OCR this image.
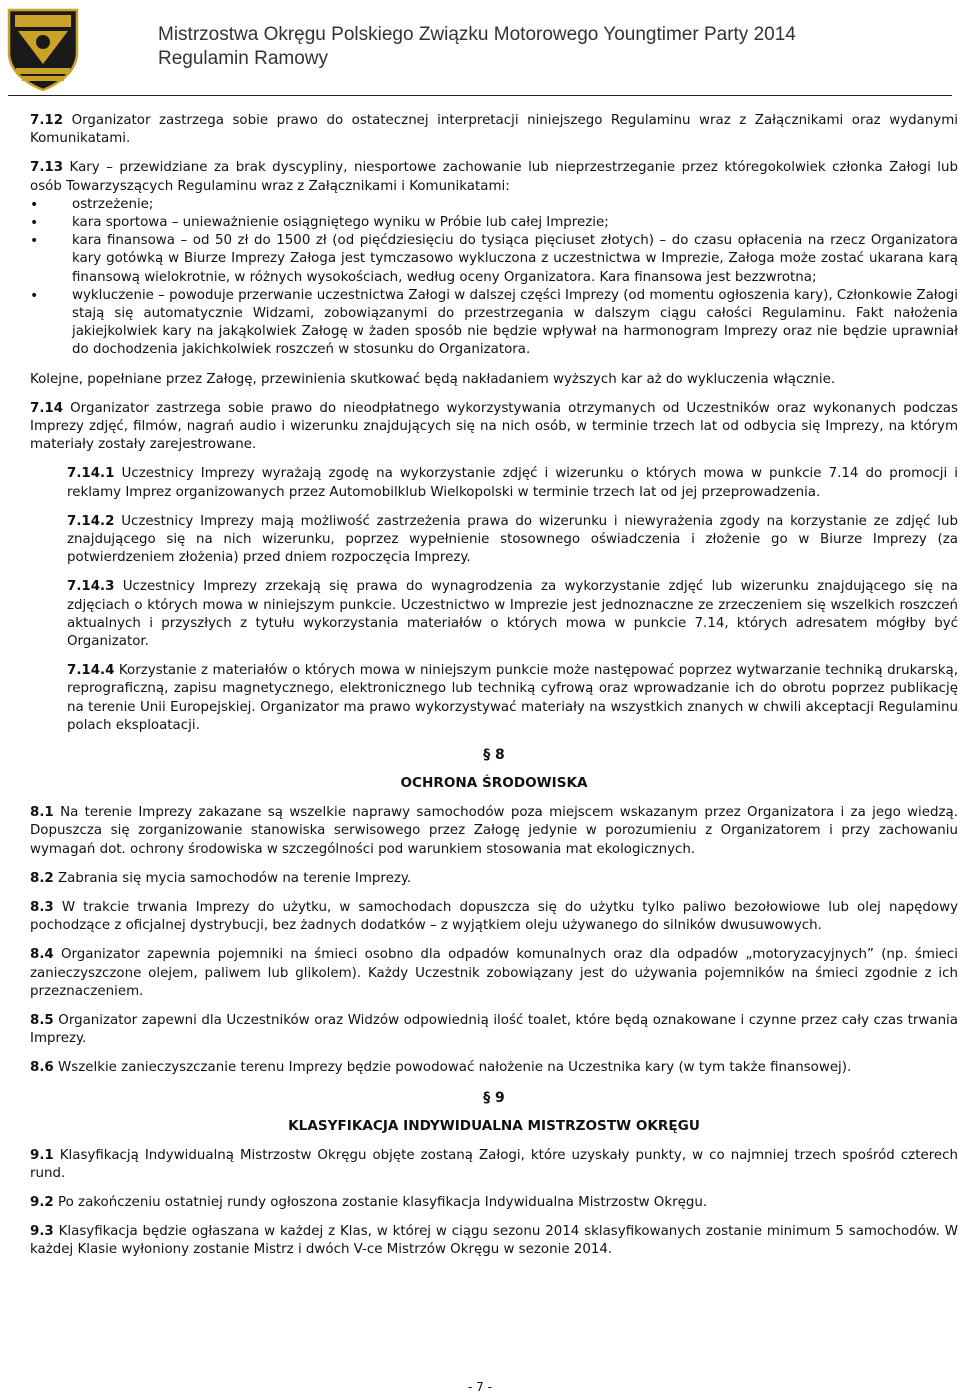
Mistrzostwa Okręgu Polskiego Związku Motorowego Youngtimer Party 2014
Regulamin Ramowy

7.12 Organizator zastrzega sobie prawo do ostatecznej interpretacji niniejszego Regulaminu wraz z Załącznikami oraz wydanymi Komunikatami.

7.13 Kary – przewidziane za brak dyscypliny, niesportowe zachowanie lub nieprzestrzeganie przez któregokolwiek członka Załogi lub osób Towarzyszących Regulaminu wraz z Załącznikami i Komunikatami:

• ostrzeżenie;
• kara sportowa – unieważnienie osiągniętego wyniku w Próbie lub całej Imprezie;
• kara finansowa – od 50 zł do 1500 zł (od pięćdziesięciu do tysiąca pięciuset złotych) – do czasu opłacenia na rzecz Organizatora kary gotówką w Biurze Imprezy Załoga jest tymczasowo wykluczona z uczestnictwa w Imprezie, Załoga może zostać ukarana karą finansową wielokrotnie, w różnych wysokościach, według oceny Organizatora. Kara finansowa jest bezzwrotna;
• wykluczenie – powoduje przerwanie uczestnictwa Załogi w dalszej części Imprezy (od momentu ogłoszenia kary), Członkowie Załogi stają się automatycznie Widzami, zobowiązanymi do przestrzegania w dalszym ciągu całości Regulaminu. Fakt nałożenia jakiejkolwiek kary na jakąkolwiek Załogę w żaden sposób nie będzie wpływał na harmonogram Imprezy oraz nie będzie uprawniał do dochodzenia jakichkolwiek roszczeń w stosunku do Organizatora.

Kolejne, popełniane przez Załogę, przewinienia skutkować będą nakładaniem wyższych kar aż do wykluczenia włącznie.

7.14 Organizator zastrzega sobie prawo do nieodpłatnego wykorzystywania otrzymanych od Uczestników oraz wykonanych podczas Imprezy zdjęć, filmów, nagrań audio i wizerunku znajdujących się na nich osób, w terminie trzech lat od odbycia się Imprezy, na którym materiały zostały zarejestrowane.

7.14.1 Uczestnicy Imprezy wyrażają zgodę na wykorzystanie zdjęć i wizerunku o których mowa w punkcie 7.14 do promocji i reklamy Imprez organizowanych przez Automobilklub Wielkopolski w terminie trzech lat od jej przeprowadzenia.

7.14.2 Uczestnicy Imprezy mają możliwość zastrzeżenia prawa do wizerunku i niewyrażenia zgody na korzystanie ze zdjęć lub znajdującego się na nich wizerunku, poprzez wypełnienie stosownego oświadczenia i złożenie go w Biurze Imprezy (za potwierdzeniem złożenia) przed dniem rozpoczęcia Imprezy.

7.14.3 Uczestnicy Imprezy zrzekają się prawa do wynagrodzenia za wykorzystanie zdjęć lub wizerunku znajdującego się na zdjęciach o których mowa w niniejszym punkcie. Uczestnictwo w Imprezie jest jednoznaczne ze zrzeczeniem się wszelkich roszczeń aktualnych i przyszłych z tytułu wykorzystania materiałów o których mowa w punkcie 7.14, których adresatem mógłby być Organizator.

7.14.4 Korzystanie z materiałów o których mowa w niniejszym punkcie może następować poprzez wytwarzanie techniką drukarską, reprograficzną, zapisu magnetycznego, elektronicznego lub techniką cyfrową oraz wprowadzanie ich do obrotu poprzez publikację na terenie Unii Europejskiej. Organizator ma prawo wykorzystywać materiały na wszystkich znanych w chwili akceptacji Regulaminu polach eksploatacji.

§ 8
OCHRONA ŚRODOWISKA

8.1 Na terenie Imprezy zakazane są wszelkie naprawy samochodów poza miejscem wskazanym przez Organizatora i za jego wiedzą. Dopuszcza się zorganizowanie stanowiska serwisowego przez Załogę jedynie w porozumieniu z Organizatorem i przy zachowaniu wymagań dot. ochrony środowiska w szczególności pod warunkiem stosowania mat ekologicznych.

8.2 Zabrania się mycia samochodów na terenie Imprezy.

8.3 W trakcie trwania Imprezy do użytku, w samochodach dopuszcza się do użytku tylko paliwo bezołowiowe lub olej napędowy pochodzące z oficjalnej dystrybucji, bez żadnych dodatków – z wyjątkiem oleju używanego do silników dwusuwowych.

8.4 Organizator zapewnia pojemniki na śmieci osobno dla odpadów komunalnych oraz dla odpadów „motoryzacyjnych” (np. śmieci zanieczyszczone olejem, paliwem lub glikolem). Każdy Uczestnik zobowiązany jest do używania pojemników na śmieci zgodnie z ich przeznaczeniem.

8.5 Organizator zapewni dla Uczestników oraz Widzów odpowiednią ilość toalet, które będą oznakowane i czynne przez cały czas trwania Imprezy.

8.6 Wszelkie zanieczyszczanie terenu Imprezy będzie powodować nałożenie na Uczestnika kary (w tym także finansowej).

§ 9
KLASYFIKACJA INDYWIDUALNA MISTRZOSTW OKRĘGU

9.1 Klasyfikacją Indywidualną Mistrzostw Okręgu objęte zostaną Załogi, które uzyskały punkty, w co najmniej trzech spośród czterech rund.

9.2 Po zakończeniu ostatniej rundy ogłoszona zostanie klasyfikacja Indywidualna Mistrzostw Okręgu.

9.3 Klasyfikacja będzie ogłaszana w każdej z Klas, w której w ciągu sezonu 2014 sklasyfikowanych zostanie minimum 5 samochodów. W każdej Klasie wyłoniony zostanie Mistrz i dwóch V-ce Mistrzów Okręgu w sezonie 2014.

- 7 -
